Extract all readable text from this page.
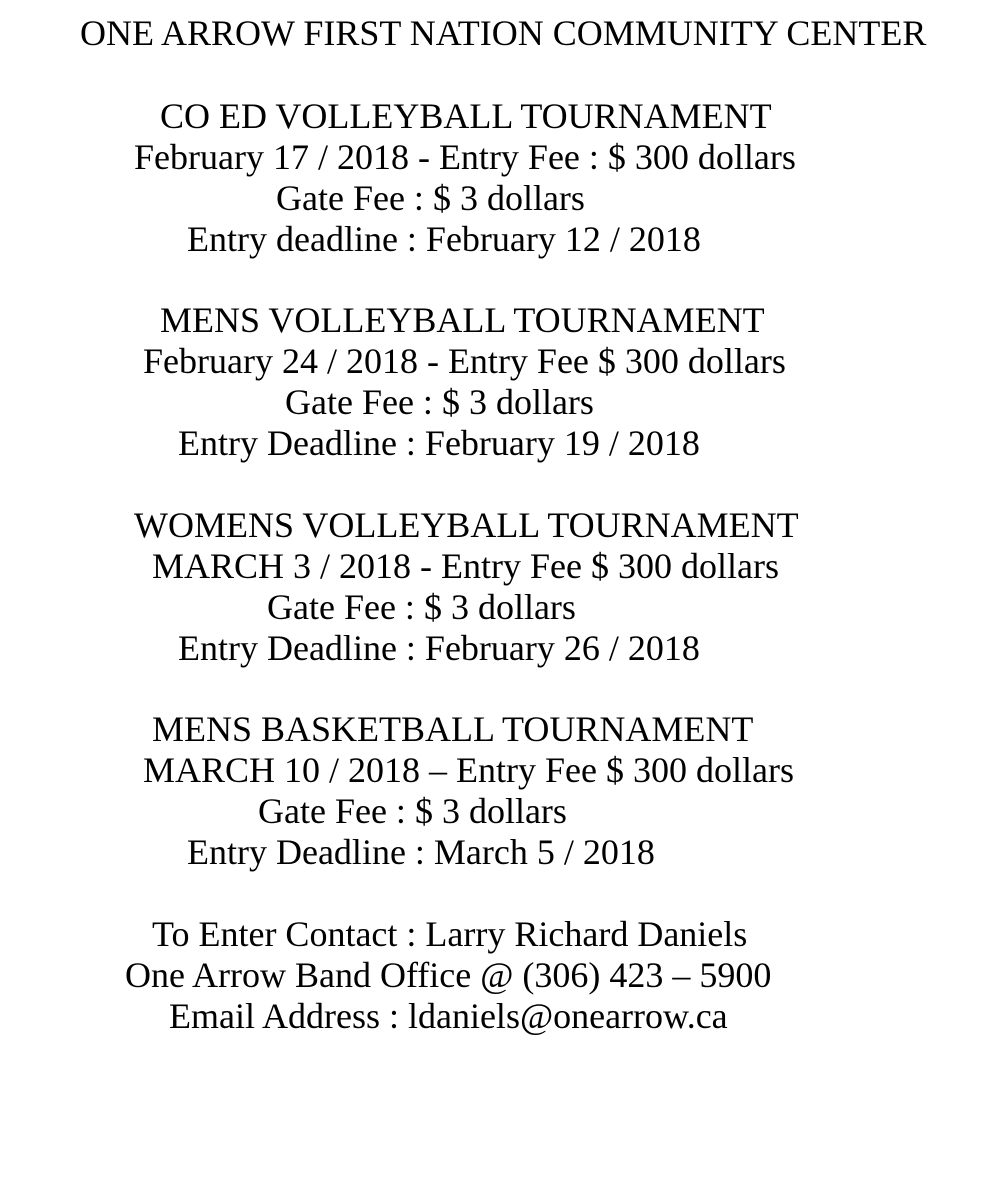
ONE ARROW FIRST NATION COMMUNITY CENTER
CO ED VOLLEYBALL TOURNAMENT
February 17 / 2018 - Entry Fee : $ 300 dollars
Gate Fee : $ 3 dollars
Entry deadline : February 12 / 2018
MENS VOLLEYBALL TOURNAMENT
February 24 / 2018 - Entry Fee $ 300 dollars
Gate Fee : $ 3 dollars
Entry Deadline : February 19 / 2018
WOMENS VOLLEYBALL TOURNAMENT
MARCH 3 / 2018 - Entry Fee $ 300 dollars
Gate Fee : $ 3 dollars
Entry Deadline : February 26 / 2018
MENS BASKETBALL TOURNAMENT
MARCH 10 / 2018 – Entry Fee $ 300 dollars
Gate Fee : $ 3 dollars
Entry Deadline : March 5 / 2018
To Enter Contact : Larry Richard Daniels
One Arrow Band Office @ (306) 423 – 5900
Email Address : ldaniels@onearrow.ca
